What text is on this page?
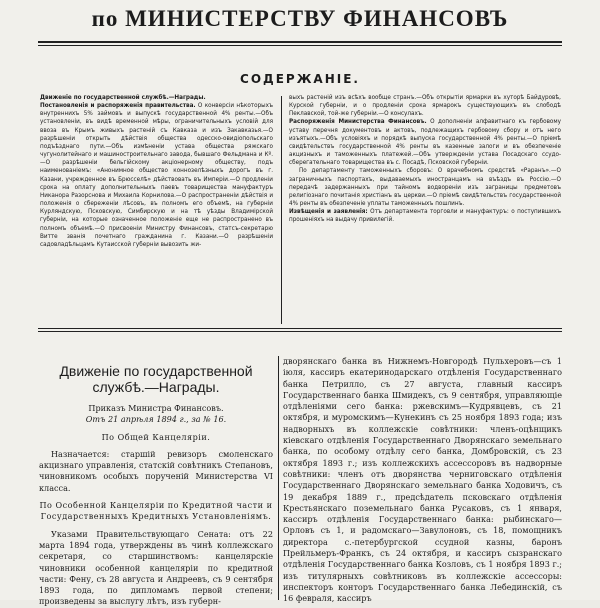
по МИНИСТЕРСТВУ ФИНАНСОВЪ
СОДЕРЖАНІЕ.

Движеніе по государственной службѣ.—Награды.

Постановленія и распоряженія правительства. О конверсіи нѣкоторыхъ внутреннихъ 5% займовъ и выпускѣ государственной 4% ренты.—Объ установленіи, въ видѣ временной мѣры, ограничительныхъ условій для ввоза въ Крымъ живыхъ растеній съ Кавказа и изъ Закавказья.—О разрѣшеніи открыть дѣйствія общества одесско-овидіопольскаго подъѣзднаго пути.—Объ измѣненіи устава общества ряжскаго чугунолитейнаго и машиностроительнаго завода, бывшаго Фельдмана и Кº.—О разрѣшеніи бельгійскому акціонерному обществу, подъ наименованіемъ: «Анонимное общество коннозелѣзныхъ дорогъ въ г. Казани, учрежденное въ Брюсселѣ» дѣйствовать въ Имперіи.—О продленіи срока на оплату дополнительныхъ паевъ товарищества мануфактуръ Никанора Разорснова и Михаила Корнилова.—О распространеніи дѣйствія и положенія о сбереженіи лѣсовъ, въ полномъ его объемѣ, на губерніи Курляндскую, Псковскую, Симбирскую и на тѣ уѣзды Владимірской губерніи, на которые означенное положеніе еще не распространено въ полномъ объемѣ.—О присвоеніи Министру Финансовъ, статсъ-секретарю Витте званія почетнаго гражданина г. Казани.—О разрѣшеніи садовладѣльцамъ Кутаисской губерніи вывозить жи-

выхъ растеній изъ всѣхъ вообще странъ.—Объ открытіи ярмарки въ хуторѣ Байдуровѣ, Курской губерніи, и о продленіи срока ярмарокъ существующихъ въ слободѣ Пеклавской, той-же губерніи.—О консулахъ.

Распоряженія Министерства Финансовъ. О дополненіи алфавитнаго къ гербовому уставу перечня документовъ и актовъ, подлежащихъ гербовому сбору и отъ него изъятыхъ.—Объ условіяхъ и порядкѣ выпуска государственной 4% ренты.—О пріемѣ свидѣтельствъ государственной 4% ренты въ казенные залоги и въ обезпеченіе акцизныхъ и таможенныхъ платежей.—Объ утвержденіи устава Посадскаго ссудо-сберегательнаго товарищества въ с. Посадѣ, Псковской губерніи.

По департаменту таможенныхъ сборовъ: О врачебномъ средствѣ «Раранъ».—О заграничныхъ паспортахъ, выдаваемыхъ иностранцамъ на въѣздъ въ Россію.—О передачѣ задержанныхъ при тайномъ водвореніи изъ заграницы предметовъ религіознаго почитанія христіанъ въ церкви.—О пріемѣ свидѣтельствъ государственной 4% ренты въ обезпеченіе уплаты таможенныхъ пошлинъ.

Извѣщенія и заявленія: Отъ департамента торговли и мануфактуръ: о поступившихъ прошеніяхъ на выдачу привилегій.

Движеніе по государственной службѣ.—Награды.

Приказъ Министра Финансовъ.

Отъ 21 апрѣля 1894 г., за № 16.

По Общей Канцеляріи.

Назначается: старшій ревизоръ смоленскаго акцизнаго управленія, статскій совѣтникъ Степановъ, чиновникомъ особыхъ порученій Министерства VI класса.

По Особенной Канцеляріи по Кредитной части и Государственныхъ Кредитныхъ Установленіямъ.

Указами Правительствующаго Сената: отъ 22 марта 1894 года, утверждены въ чинѣ коллежскаго секретаря, со старшинствомъ: канцелярскіе чиновники особенной канцеляріи по кредитной части: Фену, съ 28 августа и Андреевъ, съ 9 сентября 1893 года, по дипломамъ первой степени; произведены за выслугу лѣтъ, изъ губерн-

дворянскаго банка въ Нижнемъ-Новгородѣ Пульхеровъ—съ 1 іюля, кассиръ екатеринодарскаго отдѣленія Государственнаго банка Петрилло, съ 27 августа, главный кассиръ Государственнаго банка Шмидекъ, съ 9 сентября, управляющіе отдѣленіями сего банка: ржевскимъ—Кудрявцевъ, съ 21 октября, и муромскимъ—Кунекинъ съ 25 ноября 1893 года; изъ надворныхъ въ коллежскіе совѣтники: членъ-оцѣнщикъ кіевскаго отдѣленія Государственнаго Дворянскаго земельнаго банка, по особому отдѣлу сего банка, Домбровскій, съ 23 октября 1893 г.; изъ коллежскихъ ассессоровъ въ надворные совѣтники: членъ отъ дворянства черниговскаго отдѣленія Государственнаго Дворянскаго земельнаго банка Ходовичъ, съ 19 декабря 1889 г., предсѣдатель псковскаго отдѣленія Крестьянскаго поземельнаго банка Русаковъ, съ 1 января, кассиръ отдѣленія Государственнаго банка: рыбинскаго—Орловъ съ 1, и радомскаго—Завулоновъ, съ 18, помощникъ директора с.-петербургской ссудной казны, баронъ Прейльмеръ-Франкъ, съ 24 октября, и кассиръ сызранскаго отдѣленія Государственнаго банка Козловъ, съ 1 ноября 1893 г.; изъ титулярныхъ совѣтниковъ въ коллежскіе ассессоры: инспекторъ конторъ Государственнаго банка Лебединскій, съ 16 февраля, кассиръ
